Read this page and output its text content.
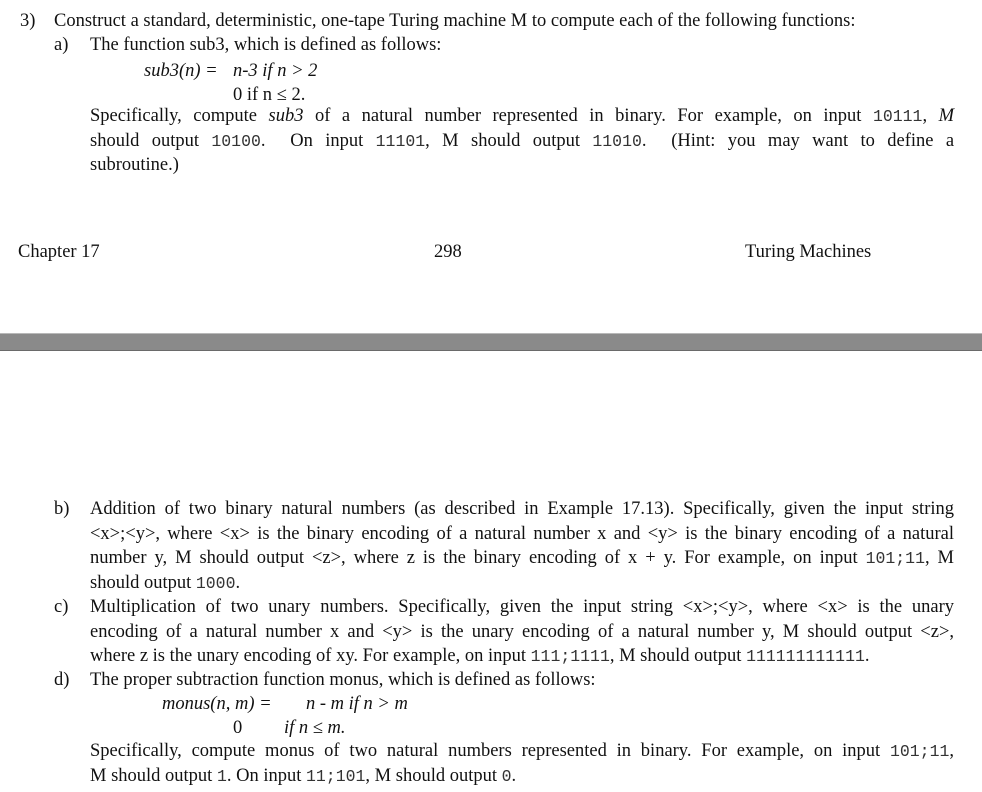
3) Construct a standard, deterministic, one-tape Turing machine M to compute each of the following functions:
a) The function sub3, which is defined as follows:
sub3(n) = n-3 if n > 2
0 if n ≤ 2.
Specifically, compute sub3 of a natural number represented in binary. For example, on input 10111, M
should output 10100.  On input 11101, M should output 11010.  (Hint: you may want to define a
subroutine.)
Chapter 17	298	Turing Machines
b) Addition of two binary natural numbers (as described in Example 17.13). Specifically, given the input string
<x>;<y>, where <x> is the binary encoding of a natural number x and <y> is the binary encoding of a natural
number y, M should output <z>, where z is the binary encoding of x + y. For example, on input 101;11, M
should output 1000.
c) Multiplication of two unary numbers. Specifically, given the input string <x>;<y>, where <x> is the unary
encoding of a natural number x and <y> is the unary encoding of a natural number y, M should output <z>,
where z is the unary encoding of xy. For example, on input 111;1111, M should output 111111111111.
d) The proper subtraction function monus, which is defined as follows:
monus(n, m) = n - m if n > m
0 if n ≤ m.
Specifically, compute monus of two natural numbers represented in binary. For example, on input 101;11,
M should output 1. On input 11;101, M should output 0.
